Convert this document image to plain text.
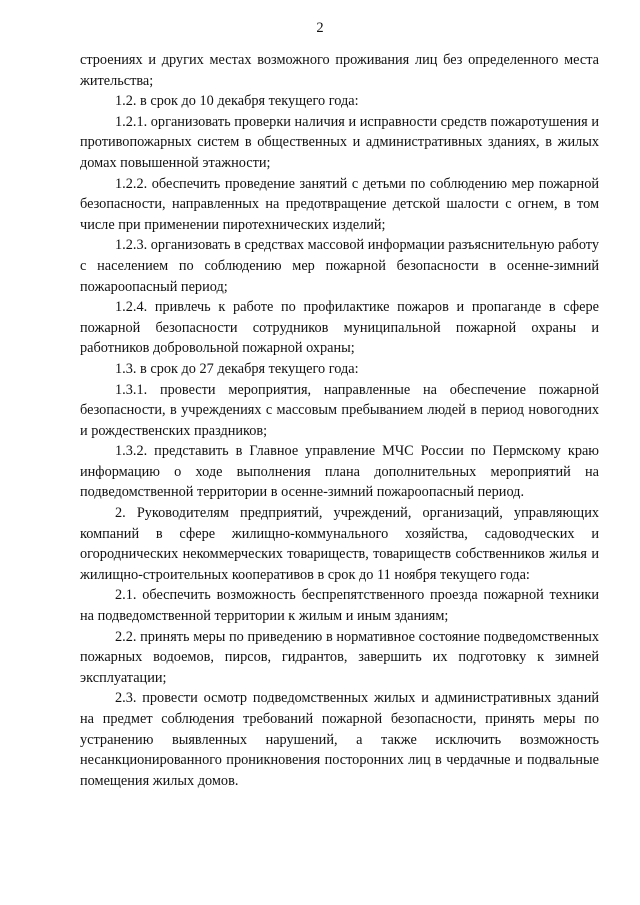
2

строениях и других местах возможного проживания лиц без определенного места жительства;

1.2. в срок до 10 декабря текущего года:

1.2.1. организовать проверки наличия и исправности средств пожаротушения и противопожарных систем в общественных и административных зданиях, в жилых домах повышенной этажности;

1.2.2. обеспечить проведение занятий с детьми по соблюдению мер пожарной безопасности, направленных на предотвращение детской шалости с огнем, в том числе при применении пиротехнических изделий;

1.2.3. организовать в средствах массовой информации разъяснительную работу с населением по соблюдению мер пожарной безопасности в осенне-зимний пожароопасный период;

1.2.4. привлечь к работе по профилактике пожаров и пропаганде в сфере пожарной безопасности сотрудников муниципальной пожарной охраны и работников добровольной пожарной охраны;

1.3. в срок до 27 декабря текущего года:

1.3.1. провести мероприятия, направленные на обеспечение пожарной безопасности, в учреждениях с массовым пребыванием людей в период новогодних и рождественских праздников;

1.3.2. представить в Главное управление МЧС России по Пермскому краю информацию о ходе выполнения плана дополнительных мероприятий на подведомственной территории в осенне-зимний пожароопасный период.

2. Руководителям предприятий, учреждений, организаций, управляющих компаний в сфере жилищно-коммунального хозяйства, садоводческих и огороднических некоммерческих товариществ, товариществ собственников жилья и жилищно-строительных кооперативов в срок до 11 ноября текущего года:

2.1. обеспечить возможность беспрепятственного проезда пожарной техники на подведомственной территории к жилым и иным зданиям;

2.2. принять меры по приведению в нормативное состояние подведомственных пожарных водоемов, пирсов, гидрантов, завершить их подготовку к зимней эксплуатации;

2.3. провести осмотр подведомственных жилых и административных зданий на предмет соблюдения требований пожарной безопасности, принять меры по устранению выявленных нарушений, а также исключить возможность несанкционированного проникновения посторонних лиц в чердачные и подвальные помещения жилых домов.
